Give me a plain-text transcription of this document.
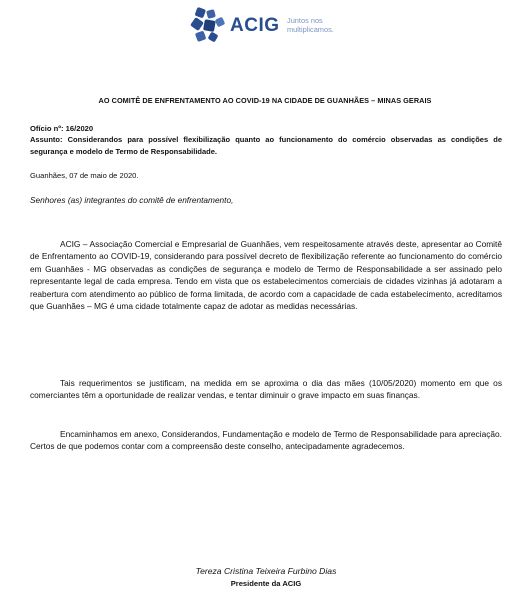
ACIG Juntos nos multiplicamos.
AO COMITÊ DE ENFRENTAMENTO AO COVID-19 NA CIDADE DE GUANHÃES – MINAS GERAIS
Ofício nº: 16/2020
Assunto: Considerandos para possível flexibilização quanto ao funcionamento do comércio observadas as condições de segurança e modelo de Termo de Responsabilidade.
Guanhães, 07 de maio de 2020.
Senhores (as) integrantes do comitê de enfrentamento,

ACIG – Associação Comercial e Empresarial de Guanhães, vem respeitosamente através deste, apresentar ao Comitê de Enfrentamento ao COVID-19, considerando para possível decreto de flexibilização referente ao funcionamento do comércio em Guanhães - MG observadas as condições de segurança e modelo de Termo de Responsabilidade a ser assinado pelo representante legal de cada empresa. Tendo em vista que os estabelecimentos comerciais de cidades vizinhas já adotaram a reabertura com atendimento ao público de forma limitada, de acordo com a capacidade de cada estabelecimento, acreditamos que Guanhães – MG é uma cidade totalmente capaz de adotar as medidas necessárias.

Tais requerimentos se justificam, na medida em se aproxima o dia das mães (10/05/2020) momento em que os comerciantes têm a oportunidade de realizar vendas, e tentar diminuir o grave impacto em suas finanças.

Encaminhamos em anexo, Considerandos, Fundamentação e modelo de Termo de Responsabilidade para apreciação. Certos de que podemos contar com a compreensão deste conselho, antecipadamente agradecemos.

Tereza Cristina Teixeira Furbino Dias
Presidente da ACIG
